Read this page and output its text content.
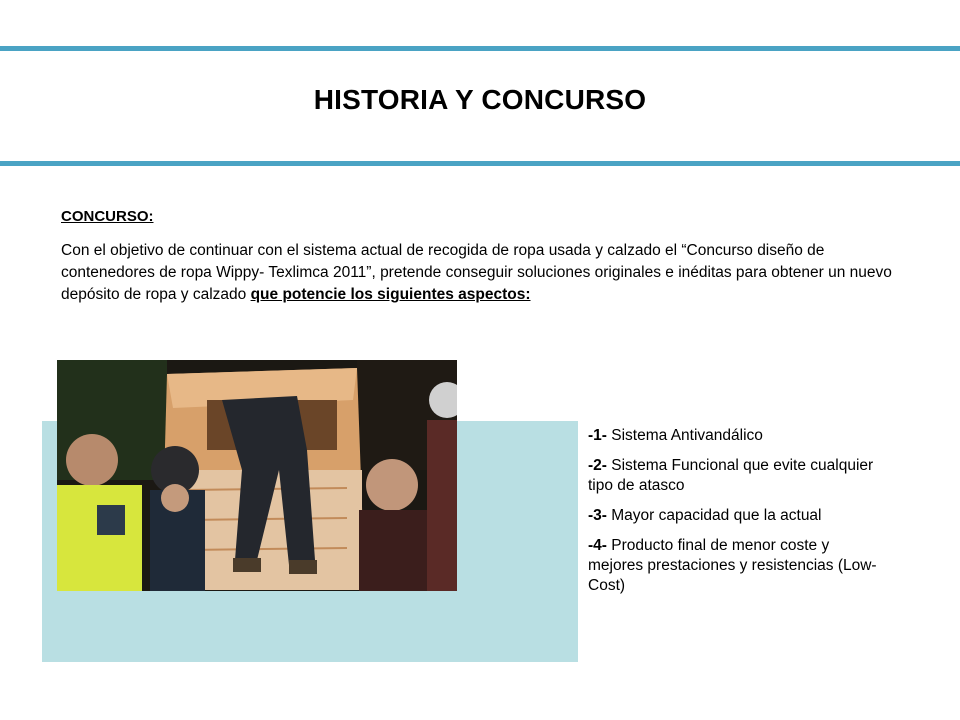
HISTORIA Y CONCURSO
CONCURSO:
Con el objetivo de continuar con el sistema actual de recogida de ropa usada y calzado el “Concurso diseño de contenedores de ropa Wippy- Texlimca 2011”, pretende conseguir soluciones originales e inéditas para obtener un nuevo depósito de ropa y calzado que potencie los siguientes aspectos:
-1- Sistema Antivandálico
-2- Sistema Funcional que evite cualquier tipo de atasco
-3- Mayor capacidad que la actual
-4- Producto final de menor coste y mejores prestaciones y resistencias (Low-Cost)
